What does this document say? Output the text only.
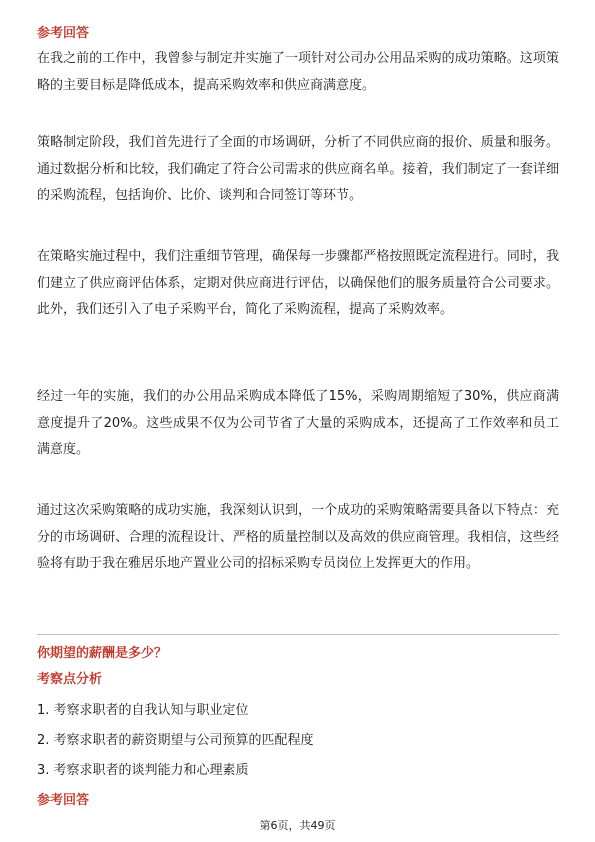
参考回答

在我之前的工作中，我曾参与制定并实施了一项针对公司办公用品采购的成功策略。这项策略的主要目标是降低成本，提高采购效率和供应商满意度。

策略制定阶段，我们首先进行了全面的市场调研，分析了不同供应商的报价、质量和服务。通过数据分析和比较，我们确定了符合公司需求的供应商名单。接着，我们制定了一套详细的采购流程，包括询价、比价、谈判和合同签订等环节。

在策略实施过程中，我们注重细节管理，确保每一步骤都严格按照既定流程进行。同时，我们建立了供应商评估体系，定期对供应商进行评估，以确保他们的服务质量符合公司要求。此外，我们还引入了电子采购平台，简化了采购流程，提高了采购效率。

经过一年的实施，我们的办公用品采购成本降低了15%，采购周期缩短了30%，供应商满意度提升了20%。这些成果不仅为公司节省了大量的采购成本，还提高了工作效率和员工满意度。

通过这次采购策略的成功实施，我深刻认识到，一个成功的采购策略需要具备以下特点：充分的市场调研、合理的流程设计、严格的质量控制以及高效的供应商管理。我相信，这些经验将有助于我在雅居乐地产置业公司的招标采购专员岗位上发挥更大的作用。

你期望的薪酬是多少？
考察点分析
1. 考察求职者的自我认知与职业定位
2. 考察求职者的薪资期望与公司预算的匹配程度
3. 考察求职者的谈判能力和心理素质
参考回答
第6页，共49页
